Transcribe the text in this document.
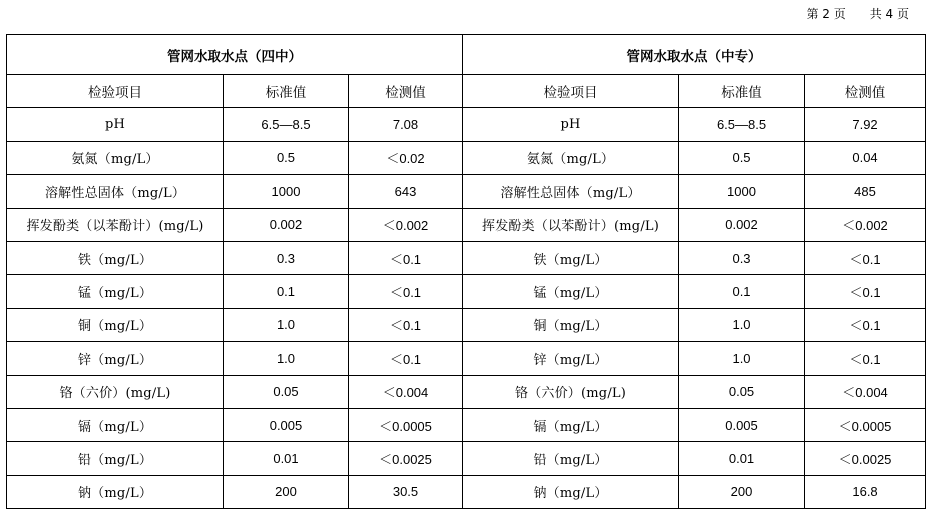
第 2 页 共 4 页
管网水取水点（四中）			管网水取水点（中专）		
检验项目	标准值	检测值	检验项目	标准值	检测值
pH	6.5—8.5	7.08	pH	6.5—8.5	7.92
氨氮（mg/L）	0.5	＜0.02	氨氮（mg/L）	0.5	0.04
溶解性总固体（mg/L）	1000	643	溶解性总固体（mg/L）	1000	485
挥发酚类（以苯酚计）(mg/L)	0.002	＜0.002	挥发酚类（以苯酚计）(mg/L)	0.002	＜0.002
铁（mg/L）	0.3	＜0.1	铁（mg/L）	0.3	＜0.1
锰（mg/L）	0.1	＜0.1	锰（mg/L）	0.1	＜0.1
铜（mg/L）	1.0	＜0.1	铜（mg/L）	1.0	＜0.1
锌（mg/L）	1.0	＜0.1	锌（mg/L）	1.0	＜0.1
铬（六价）(mg/L)	0.05	＜0.004	铬（六价）(mg/L)	0.05	＜0.004
镉（mg/L）	0.005	＜0.0005	镉（mg/L）	0.005	＜0.0005
铅（mg/L）	0.01	＜0.0025	铅（mg/L）	0.01	＜0.0025
钠（mg/L）	200	30.5	钠（mg/L）	200	16.8
